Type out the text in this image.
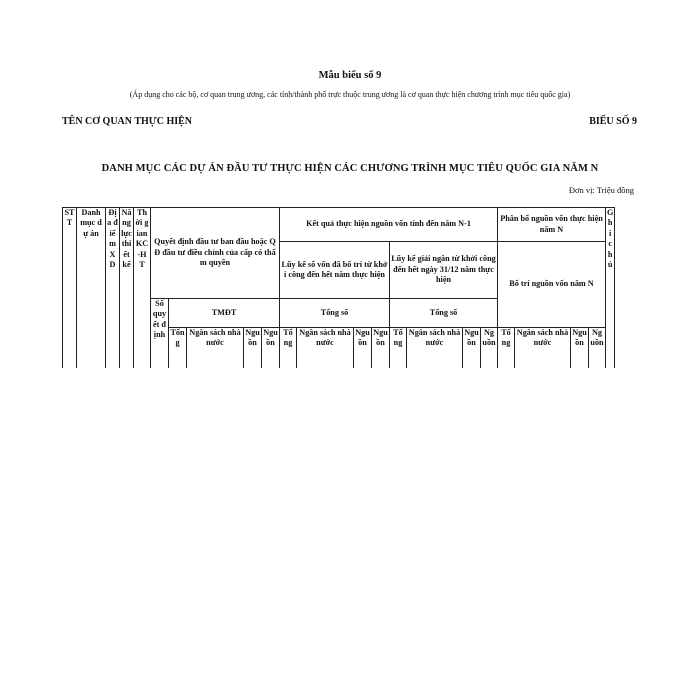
Mẫu biểu số 9
(Áp dụng cho các bộ, cơ quan trung ương, các tỉnh/thành phố trực thuộc trung ương là cơ quan thực hiện chương trình mục tiêu quốc gia)
TÊN CƠ QUAN THỰC HIỆN	BIỂU SỐ 9
DANH MỤC CÁC DỰ ÁN ĐẦU TƯ THỰC HIỆN CÁC CHƯƠNG TRÌNH MỤC TIÊU QUỐC GIA NĂM N
Đơn vị: Triệu đồng
STT	Danh mục dự án	Địa điểm XD	Năng lực thiết kế	Thời gian KC-HT	Quyết định đầu tư ban đầu hoặc QĐ đầu tư điều chỉnh của cấp có thẩm quyền					Kết quả thực hiện nguồn vốn tính đến năm N-1								Phân bổ nguồn vốn thực hiện năm N				Ghi chú
										Lũy kế số vốn đã bố trí từ khởi công đến hết năm thực hiện				Lũy kế giải ngân từ khởi công đến hết ngày 31/12 năm thực hiện				Bố trí nguồn vốn năm N				
					Số quyết định	TMĐT				Tổng số				Tổng số								
						Tổng	Ngân sách nhà nước	Nguồn	Nguồn	Tổng	Ngân sách nhà nước	Nguồn	Nguồn	Tổng	Ngân sách nhà nước	Nguồn	Nguồn	Tổng	Ngân sách nhà nước	Nguồn	Nguồn	
